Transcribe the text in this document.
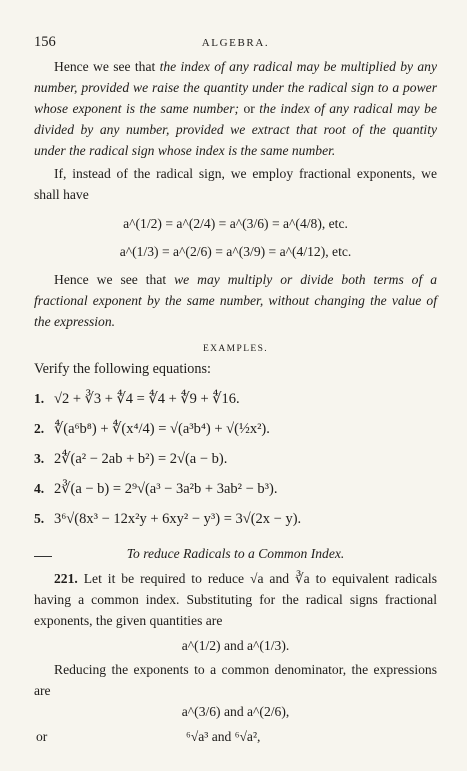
156	ALGEBRA.

Hence we see that the index of any radical may be multiplied by any number, provided we raise the quantity under the radical sign to a power whose exponent is the same number; or the index of any radical may be divided by any number, provided we extract that root of the quantity under the radical sign whose index is the same number.

If, instead of the radical sign, we employ fractional exponents, we shall have

a^(1/2) = a^(2/4) = a^(3/6) = a^(4/8), etc.
a^(1/3) = a^(2/6) = a^(3/9) = a^(4/12), etc.

Hence we see that we may multiply or divide both terms of a fractional exponent by the same number, without changing the value of the expression.

EXAMPLES.
Verify the following equations:
1. √2 + ∛3 + ∜4 = ∜4 + ∜9 + ∜16.
2. ∜(a⁶b⁸) + ∜(x⁴/4) = √(a³b⁴) + √(½x²).
3. 2∜(a² − 2ab + b²) = 2√(a − b).
4. 2∛(a − b) = 2⁹√(a³ − 3a²b + 3ab² − b³).
5. 3⁶√(8x³ − 12x²y + 6xy² − y³) = 3√(2x − y).
To reduce Radicals to a Common Index.

221. Let it be required to reduce √a and ∛a to equivalent radicals having a common index. Substituting for the radical signs fractional exponents, the given quantities are

a^(1/2) and a^(1/3).

Reducing the exponents to a common denominator, the expressions are

a^(3/6) and a^(2/6),
or	⁶√a³ and ⁶√a²,
